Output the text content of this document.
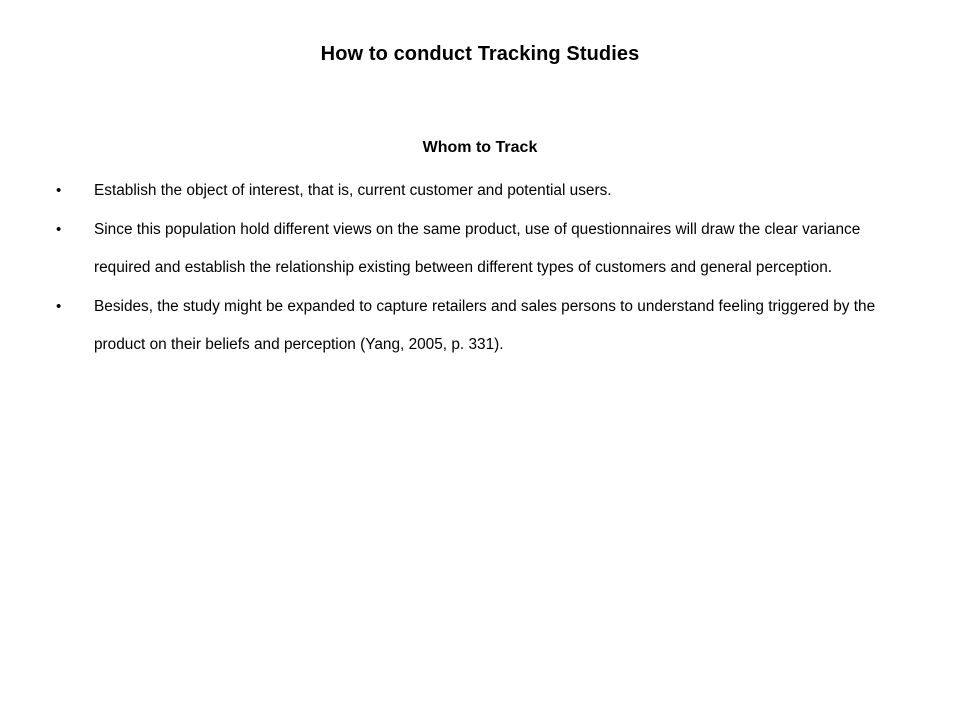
How to conduct Tracking Studies
Whom to Track
•	Establish the object of interest, that is, current customer and potential users.
•	Since this population hold different views on the same product, use of questionnaires will draw the clear variance required and establish the relationship existing between different types of customers and general perception.
•	Besides, the study might be expanded to capture retailers and sales persons to understand feeling triggered by the product on their beliefs and perception (Yang, 2005, p. 331).
